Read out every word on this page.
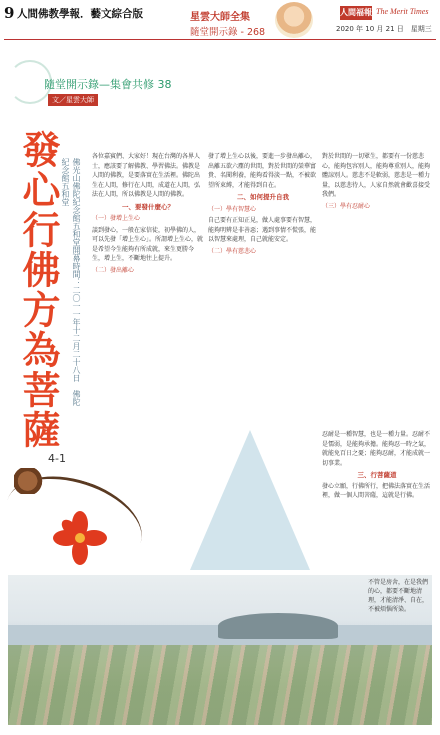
9 人間佛教學報．藝文綜合版	星雲大師全集
隨堂開示錄 - 268
人間福報 The Merit Times
2020 年 10 月 21 日　星期三
隨堂開示錄—集會共修 38
文／星雲大師
發心行佛方為菩薩	佛光山佛陀紀念館五和堂開幕時間：二〇一一年十二月二十八日　佛陀紀念館五和堂
4-1
各位嘉賓們、大家好！現在台灣的各界人士，應該要了解佛教、學習佛法。佛教是人間的佛教，是要落實在生活裡。佛陀出生在人間，修行在人間，成道在人間，弘法在人間，所以佛教是人間的佛教。
一、要發什麼心？
（一）發增上生心
談到發心，一般在家信徒，初學佛的人，可以先發「增上生心」。所謂增上生心，就是希望今生能夠有所成就，來生更勝今生，增上生，不斷地往上提升。
（二）發出離心
發了增上生心以後，要進一步發出離心，出離五欲六塵的世間，對於世間的榮華富貴、名聞利養，能夠看得淡一點，不被欲望所束縛，才能得到自在。
二、如何提升自我
（一）學有智慧心
自己要有正知正見，做人處事要有智慧，能夠明辨是非善惡；遇到事情不慌張，能以智慧來處理，自己就能安定。
（二）學有慈悲心
對於世間的一切眾生，都要有一份慈悲心，能夠包容別人，能夠尊重別人，能夠體諒別人。慈悲不是軟弱，慈悲是一種力量，以慈悲待人，人家自然就會歡喜接受我們。
（三）學有忍耐心
忍耐是一種智慧，也是一種力量。忍耐不是懦弱，是能夠承擔。能夠忍一時之氣，就能免百日之憂；能夠忍耐，才能成就一切事業。
三、行菩薩道
發心立願，行佛所行，把佛法落實在生活裡，做一個人間菩薩，這就是行佛。
不管是房舍，在是我們的心，都要不斷地清理，才能清淨、自在，不被煩惱所染。
